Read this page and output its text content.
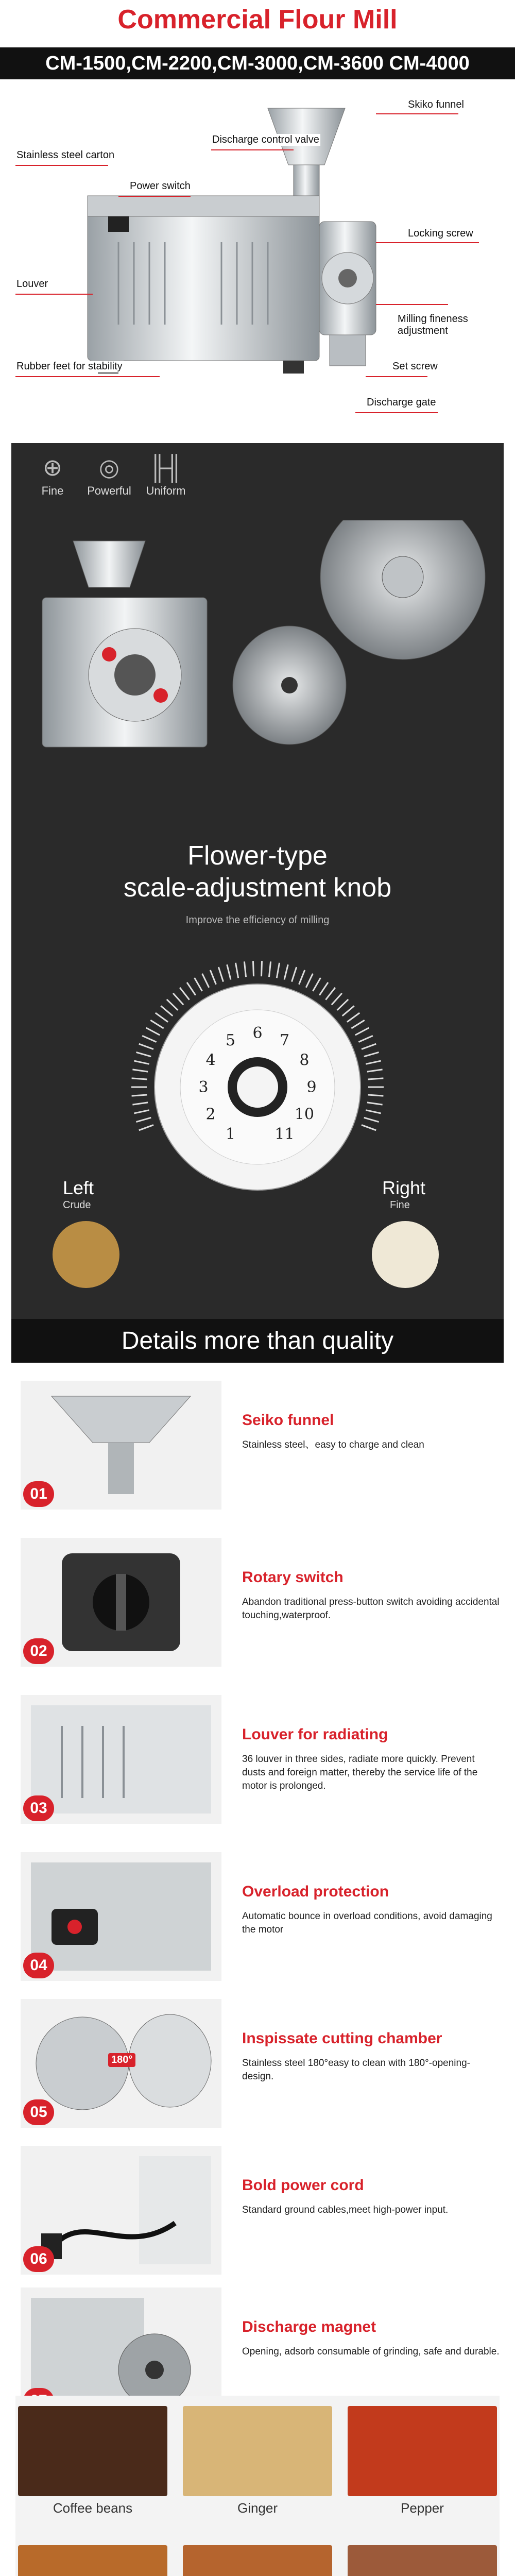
Commercial Flour Mill
CM-1500,CM-2200,CM-3000,CM-3600 CM-4000
Skiko funnel
Discharge control valve
Stainless steel carton
Power switch
Locking screw
Louver
Milling fineness adjustment
Rubber feet for stability	Set screw
Discharge gate
⊕
Fine
◎
Powerful
╟╢
Uniform
Flower-type
scale-adjustment knob
Improve the efficiency of milling
1
2
3
4
5 6 7
8
9
10
11
Left
Crude
Right
Fine
Details more than quality
01
Seiko funnel
Stainless steel、easy to charge and clean
02
Rotary switch
Abandon traditional press-button switch avoiding accidental touching,waterproof.
03
Louver for radiating
36 louver in three sides, radiate more quickly. Prevent dusts and foreign matter, thereby the service life of the motor is prolonged.
04
Overload protection
Automatic bounce in overload conditions, avoid damaging the motor
180°
05
Inspissate cutting chamber
Stainless steel 180°easy to clean with 180°-opening-design.
06
Bold power cord
Standard ground cables,meet high-power input.
Discharge magnet
Opening, adsorb consumable of grinding, safe and durable.
Coffee beans	Ginger	Pepper
